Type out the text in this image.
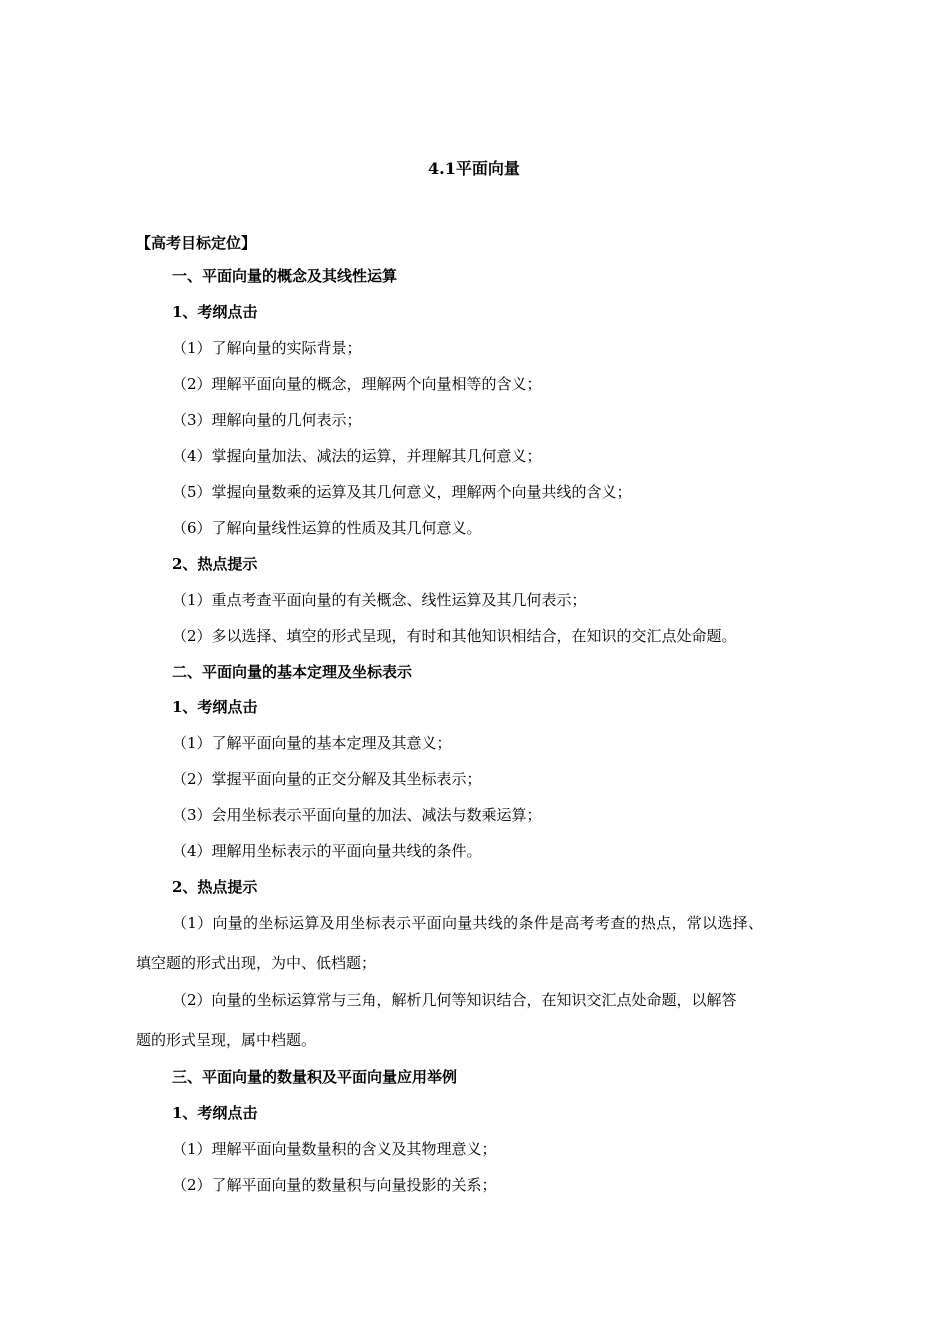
4.1平面向量
【高考目标定位】
一、平面向量的概念及其线性运算
1、考纲点击
（1）了解向量的实际背景；
（2）理解平面向量的概念，理解两个向量相等的含义；
（3）理解向量的几何表示；
（4）掌握向量加法、减法的运算，并理解其几何意义；
（5）掌握向量数乘的运算及其几何意义，理解两个向量共线的含义；
（6）了解向量线性运算的性质及其几何意义。
2、热点提示
（1）重点考查平面向量的有关概念、线性运算及其几何表示；
（2）多以选择、填空的形式呈现，有时和其他知识相结合，在知识的交汇点处命题。
二、平面向量的基本定理及坐标表示
1、考纲点击
（1）了解平面向量的基本定理及其意义；
（2）掌握平面向量的正交分解及其坐标表示；
（3）会用坐标表示平面向量的加法、减法与数乘运算；
（4）理解用坐标表示的平面向量共线的条件。
2、热点提示
（1）向量的坐标运算及用坐标表示平面向量共线的条件是高考考查的热点，常以选择、
填空题的形式出现，为中、低档题；
（2）向量的坐标运算常与三角，解析几何等知识结合，在知识交汇点处命题，以解答
题的形式呈现，属中档题。
三、平面向量的数量积及平面向量应用举例
1、考纲点击
（1）理解平面向量数量积的含义及其物理意义；
（2）了解平面向量的数量积与向量投影的关系；
